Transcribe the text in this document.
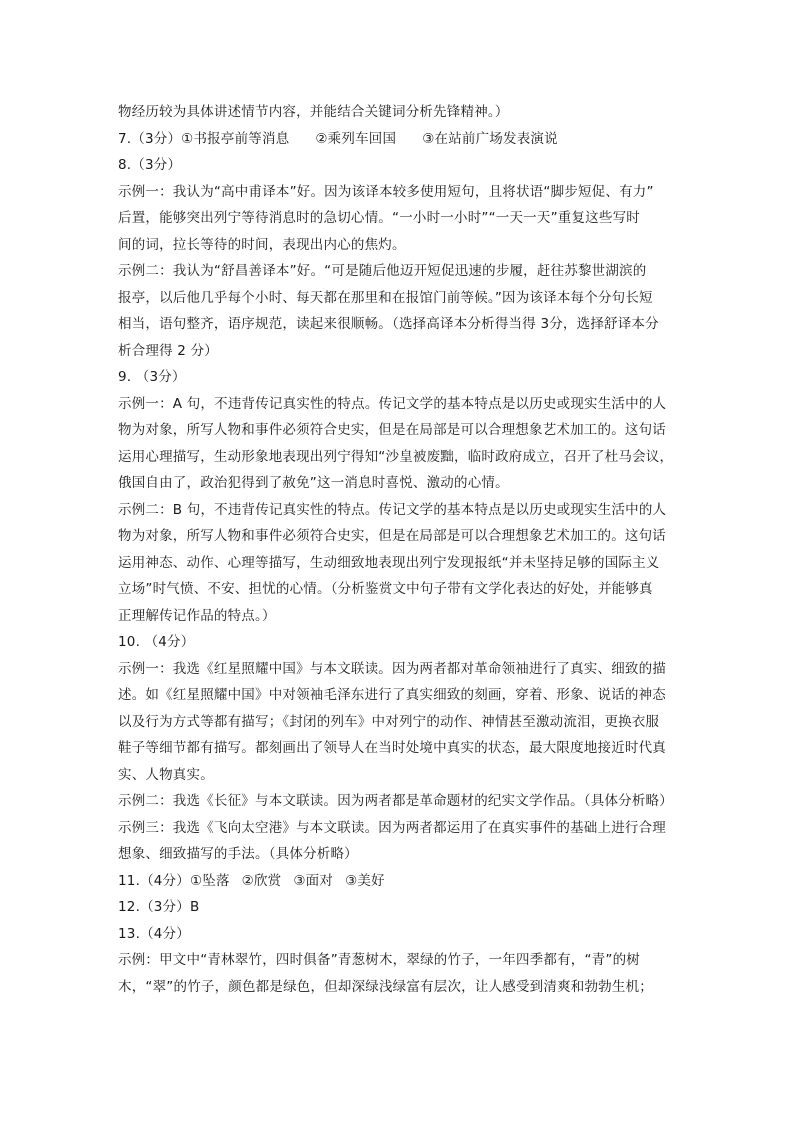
物经历较为具体讲述情节内容，并能结合关键词分析先锋精神。）
7.（3分）①书报亭前等消息 ②乘列车回国 ③在站前广场发表演说
8.（3分）
示例一：我认为“高中甫译本”好。因为该译本较多使用短句，且将状语“脚步短促、有力”
后置，能够突出列宁等待消息时的急切心情。“一小时一小时”“一天一天”重复这些写时
间的词，拉长等待的时间，表现出内心的焦灼。
示例二：我认为“舒昌善译本”好。“可是随后他迈开短促迅速的步履，赶往苏黎世湖滨的
报亭，以后他几乎每个小时、每天都在那里和在报馆门前等候。”因为该译本每个分句长短
相当，语句整齐，语序规范，读起来很顺畅。（选择高译本分析得当得 3分，选择舒译本分
析合理得 2 分）
9. （3分）
示例一：A 句，不违背传记真实性的特点。传记文学的基本特点是以历史或现实生活中的人
物为对象，所写人物和事件必须符合史实，但是在局部是可以合理想象艺术加工的。这句话
运用心理描写，生动形象地表现出列宁得知“沙皇被废黜，临时政府成立，召开了杜马会议，
俄国自由了，政治犯得到了赦免”这一消息时喜悦、激动的心情。
示例二：B 句，不违背传记真实性的特点。传记文学的基本特点是以历史或现实生活中的人
物为对象，所写人物和事件必须符合史实，但是在局部是可以合理想象艺术加工的。这句话
运用神态、动作、心理等描写，生动细致地表现出列宁发现报纸“并未坚持足够的国际主义
立场”时气愤、不安、担忧的心情。（分析鉴赏文中句子带有文学化表达的好处，并能够真
正理解传记作品的特点。）
10. （4分）
示例一：我选《红星照耀中国》与本文联读。因为两者都对革命领袖进行了真实、细致的描
述。如《红星照耀中国》中对领袖毛泽东进行了真实细致的刻画，穿着、形象、说话的神态
以及行为方式等都有描写；《封闭的列车》中对列宁的动作、神情甚至激动流泪，更换衣服
鞋子等细节都有描写。都刻画出了领导人在当时处境中真实的状态，最大限度地接近时代真
实、人物真实。
示例二：我选《长征》与本文联读。因为两者都是革命题材的纪实文学作品。（具体分析略）
示例三：我选《飞向太空港》与本文联读。因为两者都运用了在真实事件的基础上进行合理
想象、细致描写的手法。（具体分析略）
11.（4分）①坠落 ②欣赏 ③面对 ③美好
12.（3分）B
13.（4分）
示例：甲文中“青林翠竹，四时俱备”青葱树木，翠绿的竹子，一年四季都有，“青”的树
木，“翠”的竹子，颜色都是绿色，但却深绿浅绿富有层次，让人感受到清爽和勃勃生机；
